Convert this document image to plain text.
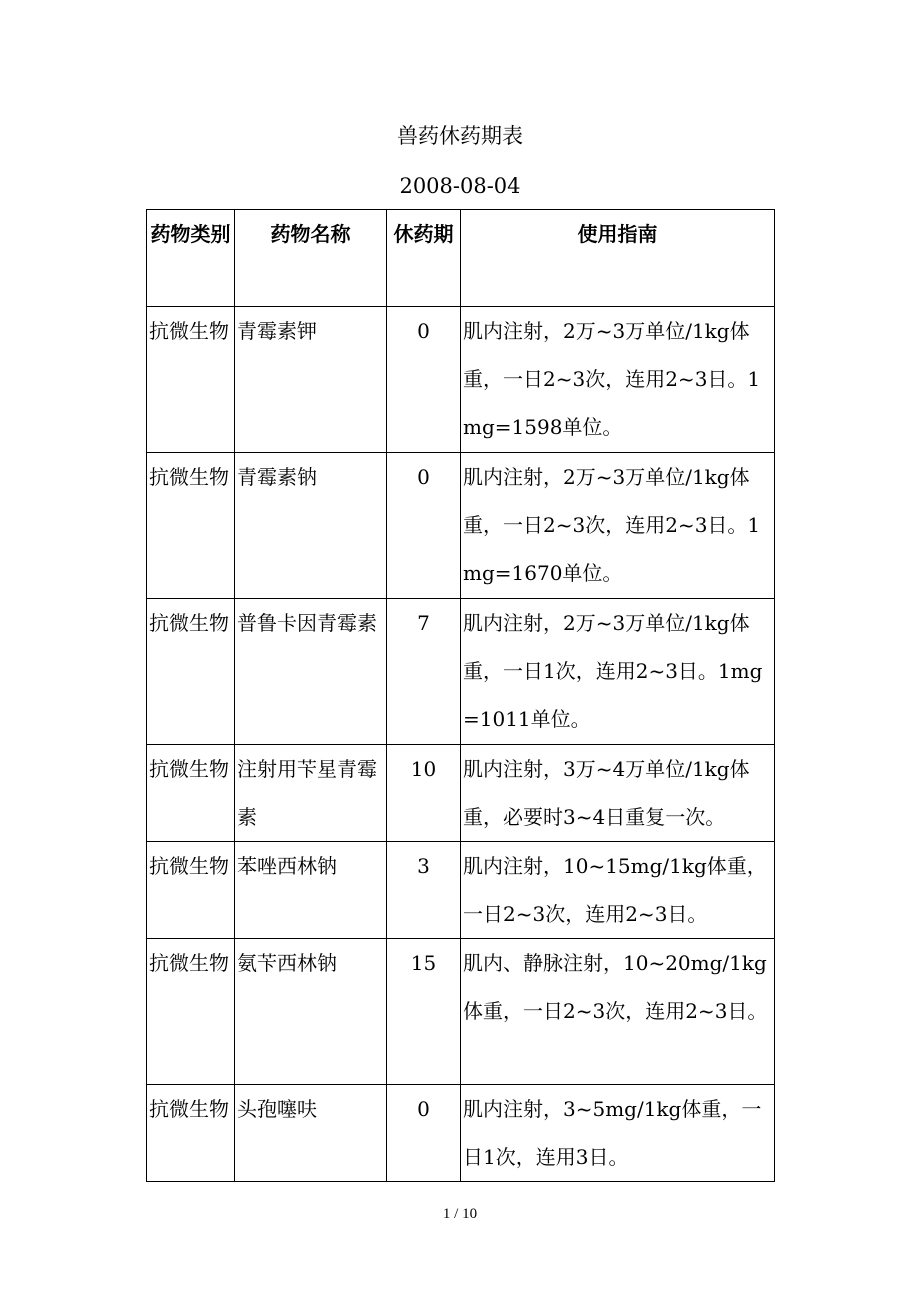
兽药休药期表
2008-08-04
药物类别	药物名称	休药期	使用指南
抗微生物	青霉素钾	0	肌内注射，2万~3万单位/1kg体重，一日2~3次，连用2~3日。1mg=1598单位。
抗微生物	青霉素钠	0	肌内注射，2万~3万单位/1kg体重，一日2~3次，连用2~3日。1mg=1670单位。
抗微生物	普鲁卡因青霉素	7	肌内注射，2万~3万单位/1kg体重，一日1次，连用2~3日。1mg=1011单位。
抗微生物	注射用苄星青霉素	10	肌内注射，3万~4万单位/1kg体重，必要时3~4日重复一次。
抗微生物	苯唑西林钠	3	肌内注射，10~15mg/1kg体重，一日2~3次，连用2~3日。
抗微生物	氨苄西林钠	15	肌内、静脉注射，10~20mg/1kg体重，一日2~3次，连用2~3日。
抗微生物	头孢噻呋	0	肌内注射，3~5mg/1kg体重，一日1次，连用3日。
1 / 10
